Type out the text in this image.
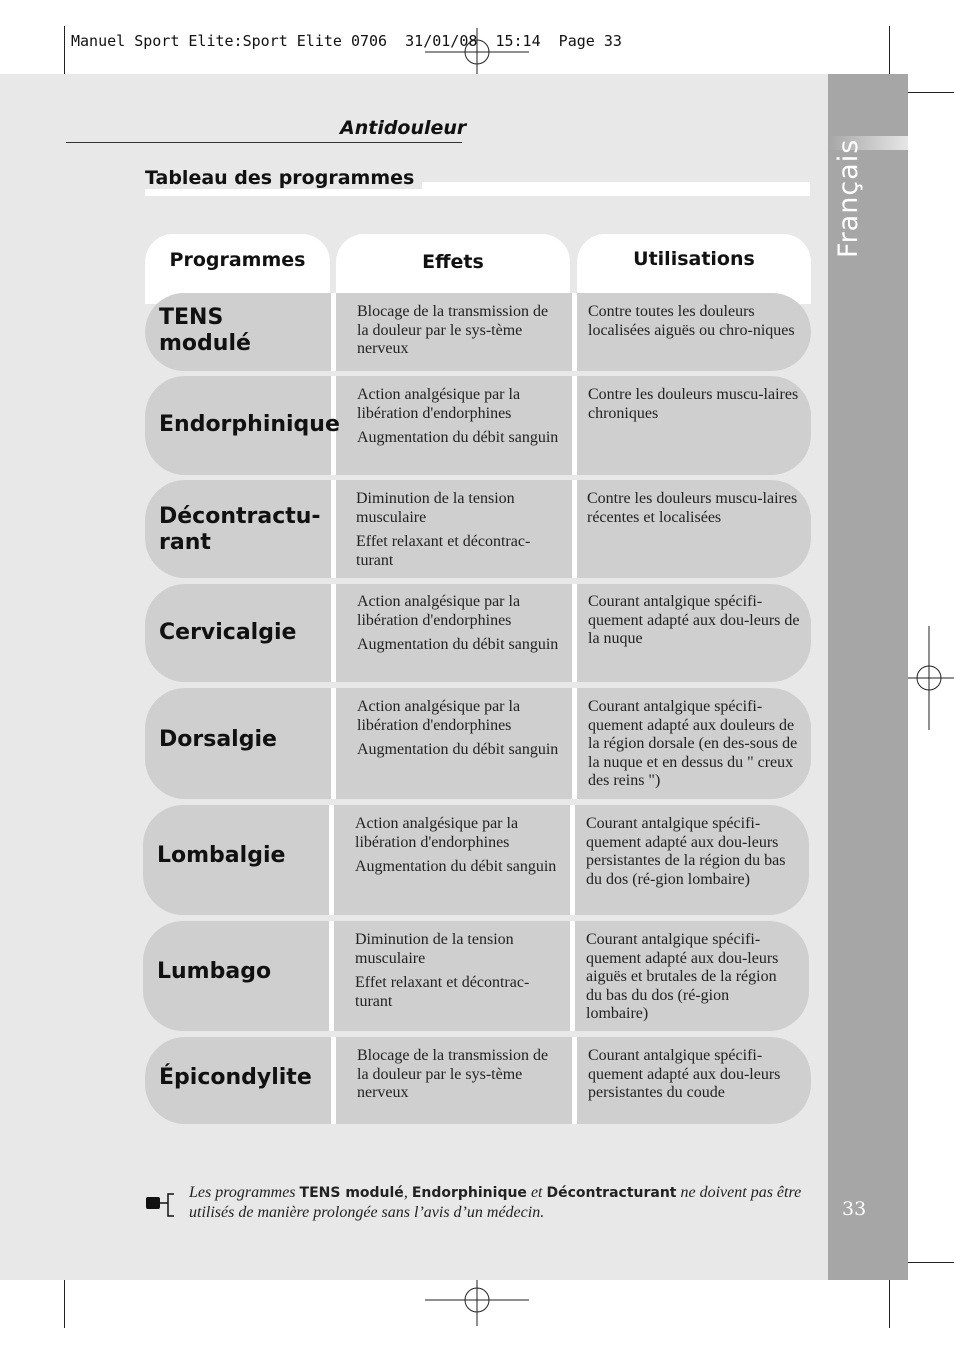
Manuel Sport Elite:Sport Elite 0706  31/01/08  15:14  Page 33
Français
33
Antidouleur
Tableau des programmes
Programmes	Effets	Utilisations
TENS
modulé

Blocage de la transmission de la douleur par le sys-tème nerveux

Contre toutes les douleurs localisées aiguës ou chro-niques
Endorphinique

Action analgésique par la libération d'endorphines

Augmentation du débit sanguin

Contre les douleurs muscu-laires chroniques
Décontractu-
rant

Diminution de la tension musculaire

Effet relaxant et décontrac-turant

Contre les douleurs muscu-laires récentes et localisées
Cervicalgie

Action analgésique par la libération d'endorphines

Augmentation du débit sanguin

Courant antalgique spécifi-quement adapté aux dou-leurs de la nuque
Dorsalgie

Action analgésique par la libération d'endorphines

Augmentation du débit sanguin

Courant antalgique spécifi-quement adapté aux douleurs de la région dorsale (en des-sous de la nuque et en dessus du " creux des reins ")
Lombalgie

Action analgésique par la libération d'endorphines

Augmentation du débit sanguin

Courant antalgique spécifi-quement adapté aux dou-leurs persistantes de la région du bas du dos (ré-gion lombaire)
Lumbago

Diminution de la tension musculaire

Effet relaxant et décontrac-turant

Courant antalgique spécifi-quement adapté aux dou-leurs aiguës et brutales de la région du bas du dos (ré-gion lombaire)
Épicondylite

Blocage de la transmission de la douleur par le sys-tème nerveux

Courant antalgique spécifi-quement adapté aux dou-leurs persistantes du coude
Les programmes TENS modulé, Endorphinique et Décontracturant ne doivent pas être utilisés de manière prolongée sans l’avis d’un médecin.
